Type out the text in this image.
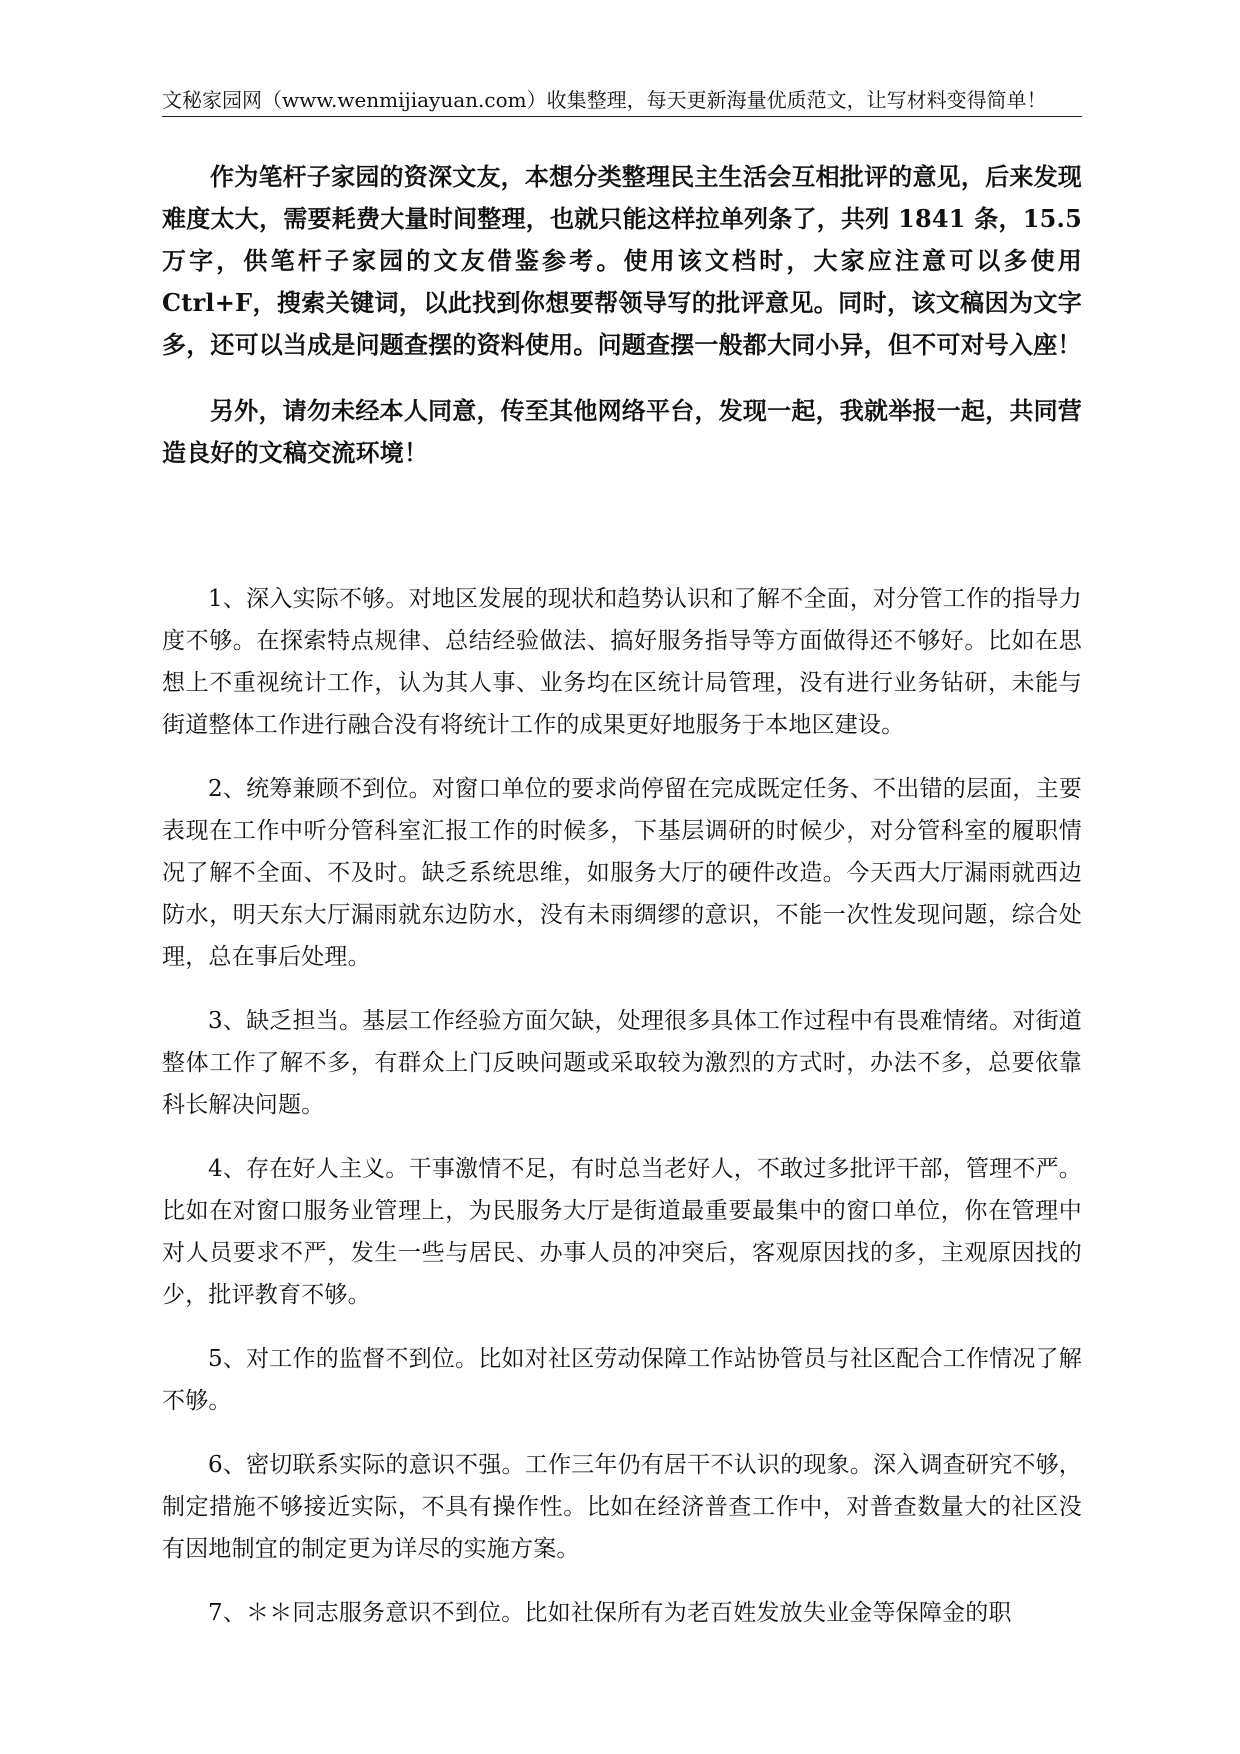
文秘家园网（www.wenmijiayuan.com）收集整理，每天更新海量优质范文，让写材料变得简单！

作为笔杆子家园的资深文友，本想分类整理民主生活会互相批评的意见，后来发现难度太大，需要耗费大量时间整理，也就只能这样拉单列条了，共列 1841 条，15.5 万字，供笔杆子家园的文友借鉴参考。使用该文档时，大家应注意可以多使用 Ctrl+F，搜索关键词，以此找到你想要帮领导写的批评意见。同时，该文稿因为文字多，还可以当成是问题查摆的资料使用。问题查摆一般都大同小异，但不可对号入座！

另外，请勿未经本人同意，传至其他网络平台，发现一起，我就举报一起，共同营造良好的文稿交流环境！

1、深入实际不够。对地区发展的现状和趋势认识和了解不全面，对分管工作的指导力度不够。在探索特点规律、总结经验做法、搞好服务指导等方面做得还不够好。比如在思想上不重视统计工作，认为其人事、业务均在区统计局管理，没有进行业务钻研，未能与街道整体工作进行融合没有将统计工作的成果更好地服务于本地区建设。

2、统筹兼顾不到位。对窗口单位的要求尚停留在完成既定任务、不出错的层面，主要表现在工作中听分管科室汇报工作的时候多，下基层调研的时候少，对分管科室的履职情况了解不全面、不及时。缺乏系统思维，如服务大厅的硬件改造。今天西大厅漏雨就西边防水，明天东大厅漏雨就东边防水，没有未雨绸缪的意识，不能一次性发现问题，综合处理，总在事后处理。

3、缺乏担当。基层工作经验方面欠缺，处理很多具体工作过程中有畏难情绪。对街道整体工作了解不多，有群众上门反映问题或采取较为激烈的方式时，办法不多，总要依靠科长解决问题。

4、存在好人主义。干事激情不足，有时总当老好人，不敢过多批评干部，管理不严。比如在对窗口服务业管理上，为民服务大厅是街道最重要最集中的窗口单位，你在管理中对人员要求不严，发生一些与居民、办事人员的冲突后，客观原因找的多，主观原因找的少，批评教育不够。

5、对工作的监督不到位。比如对社区劳动保障工作站协管员与社区配合工作情况了解不够。

6、密切联系实际的意识不强。工作三年仍有居干不认识的现象。深入调查研究不够，制定措施不够接近实际，不具有操作性。比如在经济普查工作中，对普查数量大的社区没有因地制宜的制定更为详尽的实施方案。

7、＊＊同志服务意识不到位。比如社保所有为老百姓发放失业金等保障金的职
